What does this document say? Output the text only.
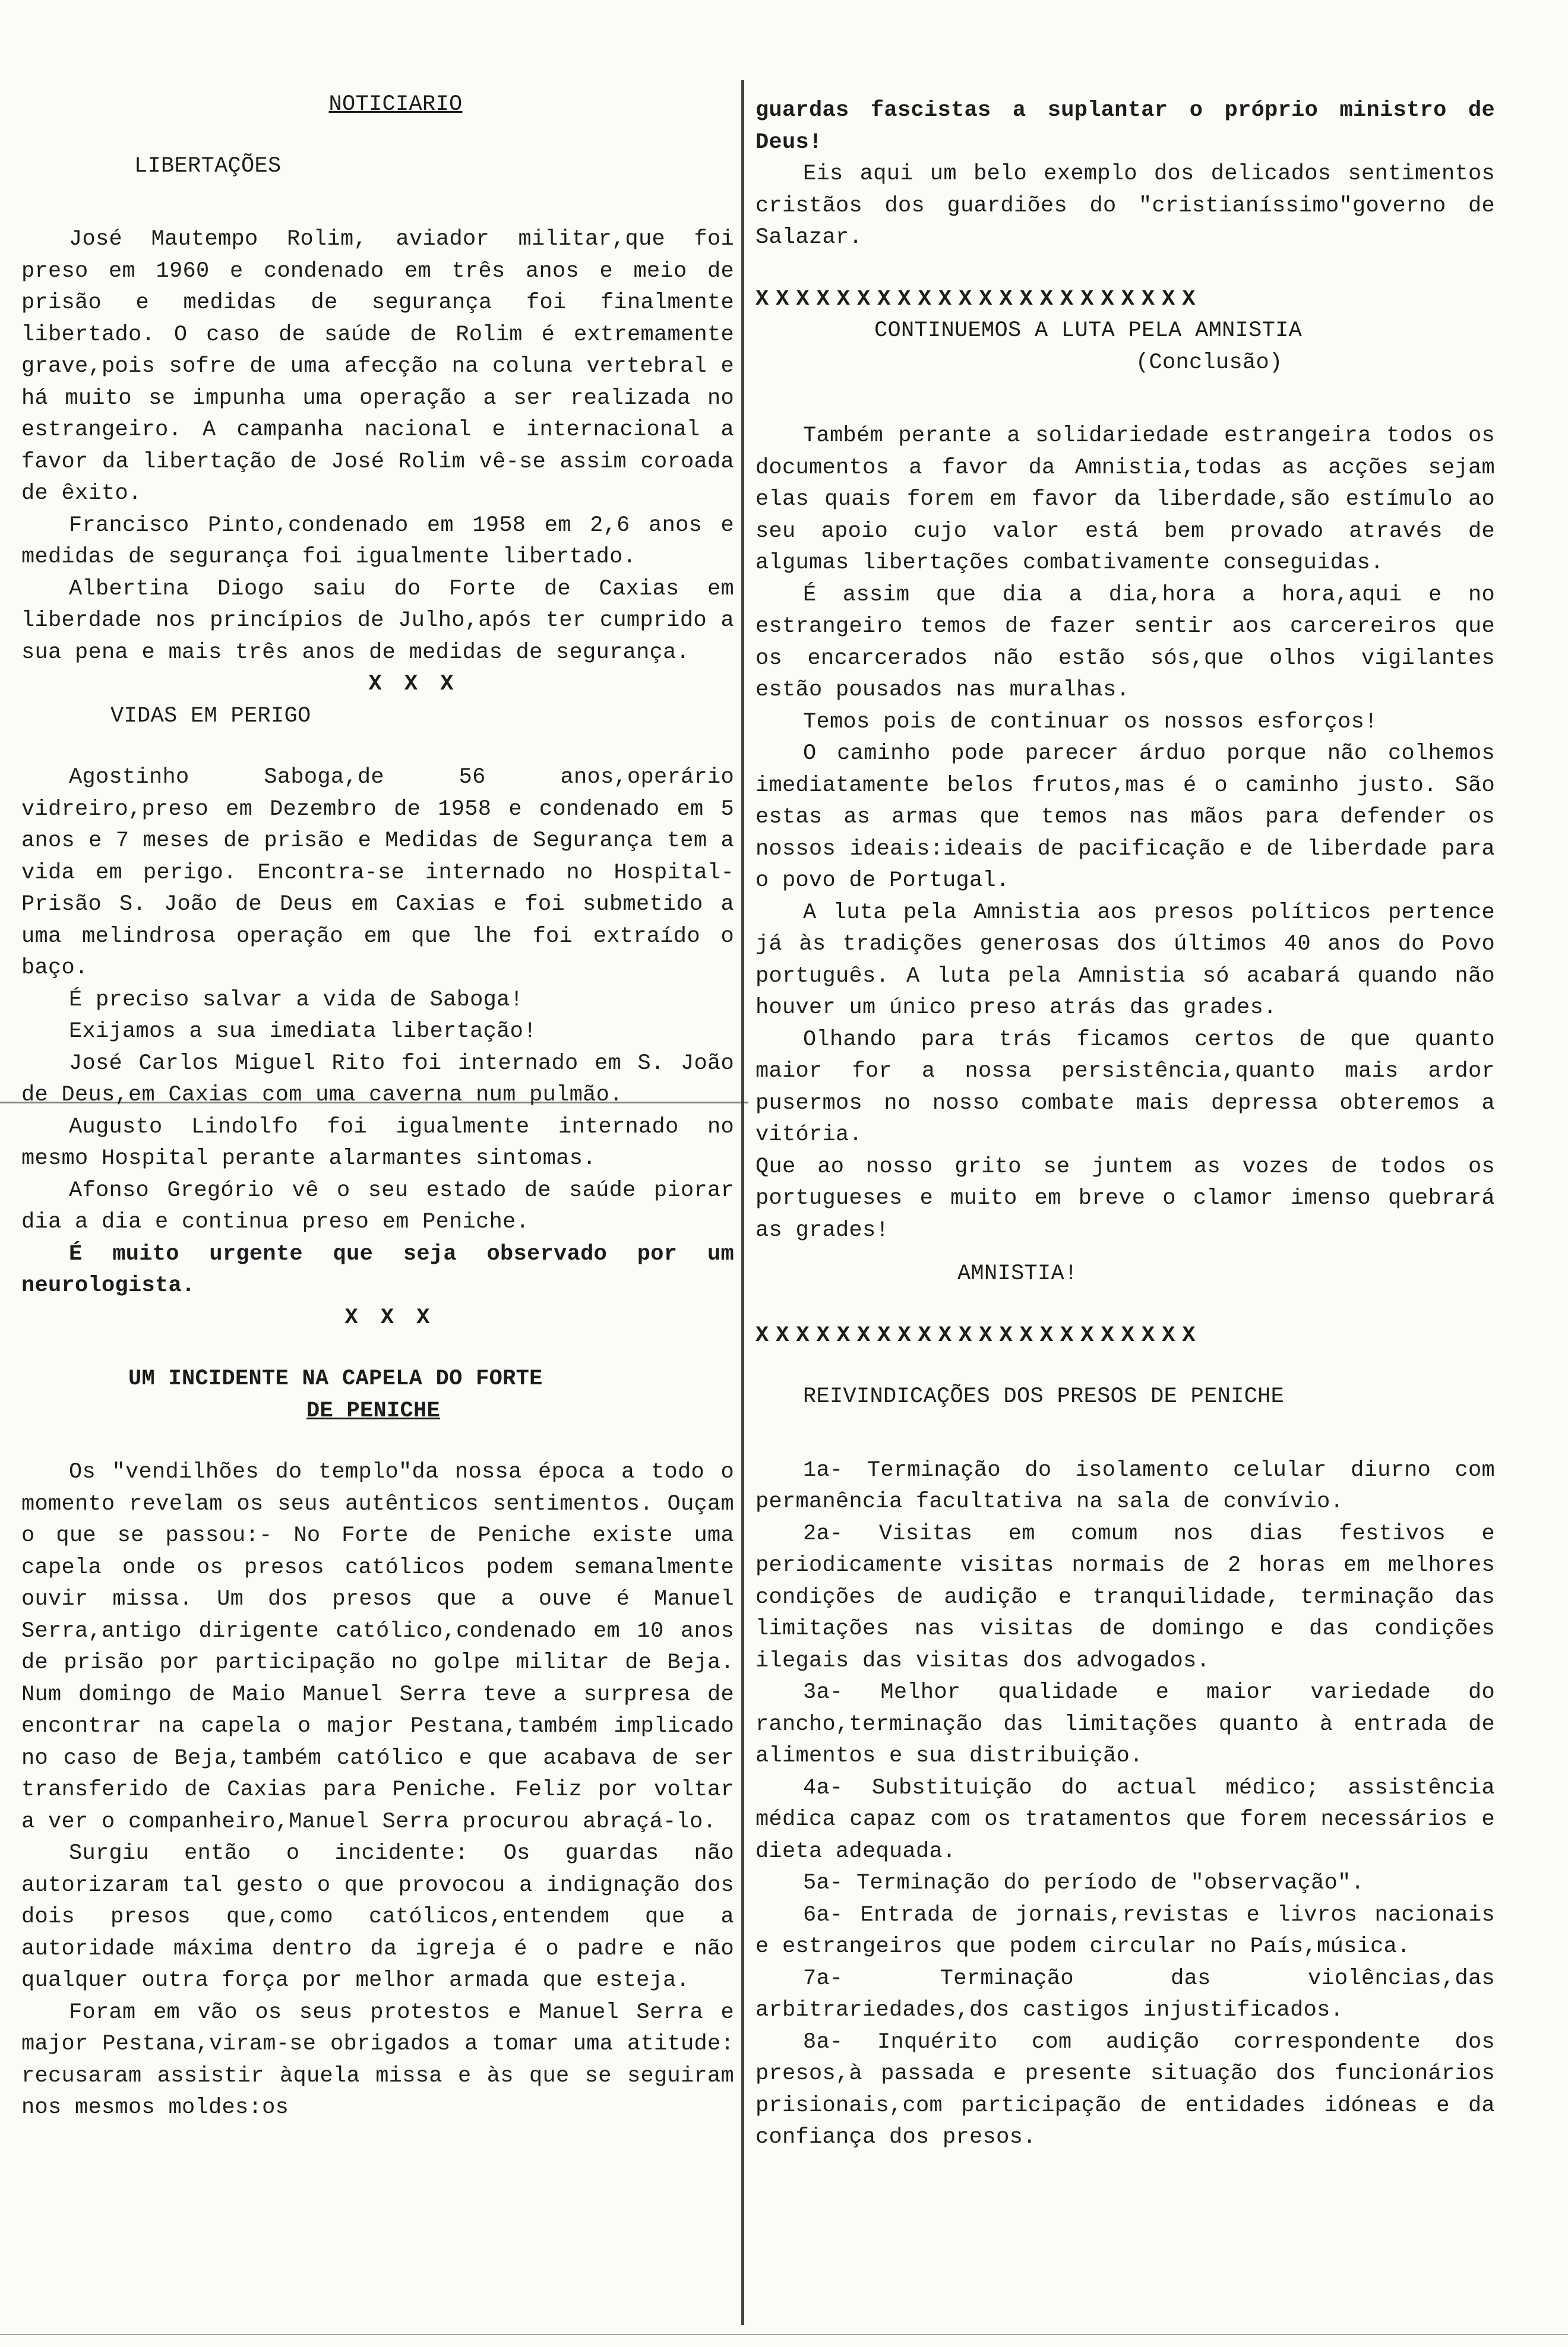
NOTICIARIO

LIBERTAÇÕES

José Mautempo Rolim, aviador militar,que foi preso em 1960 e condenado em três anos e meio de prisão e medidas de segurança foi finalmente libertado. O caso de saúde de Rolim é extremamente grave,pois sofre de uma afecção na coluna vertebral e há muito se impunha uma operação a ser realizada no estrangeiro. A campanha nacional e internacional a favor da libertação de José Rolim vê-se assim coroada de êxito.

Francisco Pinto,condenado em 1958 em 2,6 anos e medidas de segurança foi igualmente libertado.

Albertina Diogo saiu do Forte de Caxias em liberdade nos princípios de Julho,após ter cumprido a sua pena e mais três anos de medidas de segurança.

X X X

VIDAS EM PERIGO

Agostinho Saboga,de 56 anos,operário vidreiro,preso em Dezembro de 1958 e condenado em 5 anos e 7 meses de prisão e Medidas de Segurança tem a vida em perigo. Encontra-se internado no Hospital-Prisão S. João de Deus em Caxias e foi submetido a uma melindrosa operação em que lhe foi extraído o baço.

É preciso salvar a vida de Saboga!

Exijamos a sua imediata libertação!

José Carlos Miguel Rito foi internado em S. João de Deus,em Caxias com uma caverna num pulmão.

Augusto Lindolfo foi igualmente internado no mesmo Hospital perante alarmantes sintomas.

Afonso Gregório vê o seu estado de saúde piorar dia a dia e continua preso em Peniche.

É muito urgente que seja observado por um neurologista.

X X X

UM INCIDENTE NA CAPELA DO FORTE

DE PENICHE

Os "vendilhões do templo"da nossa época a todo o momento revelam os seus autênticos sentimentos. Ouçam o que se passou:- No Forte de Peniche existe uma capela onde os presos católicos podem semanalmente ouvir missa. Um dos presos que a ouve é Manuel Serra,antigo dirigente católico,condenado em 10 anos de prisão por participação no golpe militar de Beja. Num domingo de Maio Manuel Serra teve a surpresa de encontrar na capela o major Pestana,também implicado no caso de Beja,também católico e que acabava de ser transferido de Caxias para Peniche. Feliz por voltar a ver o companheiro,Manuel Serra procurou abraçá-lo.

Surgiu então o incidente: Os guardas não autorizaram tal gesto o que provocou a indignação dos dois presos que,como católicos,entendem que a autoridade máxima dentro da igreja é o padre e não qualquer outra força por melhor armada que esteja.

Foram em vão os seus protestos e Manuel Serra e major Pestana,viram-se obrigados a tomar uma atitude: recusaram assistir àquela missa e às que se seguiram nos mesmos moldes:os

guardas fascistas a suplantar o próprio ministro de Deus!

Eis aqui um belo exemplo dos delicados sentimentos cristãos dos guardiões do "cristianíssimo"governo de Salazar.

XXXXXXXXXXXXXXXXXXXXXX

CONTINUEMOS A LUTA PELA AMNISTIA

(Conclusão)

Também perante a solidariedade estrangeira todos os documentos a favor da Amnistia,todas as acções sejam elas quais forem em favor da liberdade,são estímulo ao seu apoio cujo valor está bem provado através de algumas libertações combativamente conseguidas.

É assim que dia a dia,hora a hora,aqui e no estrangeiro temos de fazer sentir aos carcereiros que os encarcerados não estão sós,que olhos vigilantes estão pousados nas muralhas.

Temos pois de continuar os nossos esforços!

O caminho pode parecer árduo porque não colhemos imediatamente belos frutos,mas é o caminho justo. São estas as armas que temos nas mãos para defender os nossos ideais:ideais de pacificação e de liberdade para o povo de Portugal.

A luta pela Amnistia aos presos políticos pertence já às tradições generosas dos últimos 40 anos do Povo português. A luta pela Amnistia só acabará quando não houver um único preso atrás das grades.

Olhando para trás ficamos certos de que quanto maior for a nossa persistência,quanto mais ardor pusermos no nosso combate mais depressa obteremos a vitória.

Que ao nosso grito se juntem as vozes de todos os portugueses e muito em breve o clamor imenso quebrará as grades!

AMNISTIA!

XXXXXXXXXXXXXXXXXXXXXX

REIVINDICAÇÕES DOS PRESOS DE PENICHE

1a- Terminação do isolamento celular diurno com permanência facultativa na sala de convívio.

2a- Visitas em comum nos dias festivos e periodicamente visitas normais de 2 horas em melhores condições de audição e tranquilidade, terminação das limitações nas visitas de domingo e das condições ilegais das visitas dos advogados.

3a- Melhor qualidade e maior variedade do rancho,terminação das limitações quanto à entrada de alimentos e sua distribuição.

4a- Substituição do actual médico; assistência médica capaz com os tratamentos que forem necessários e dieta adequada.

5a- Terminação do período de "observação".

6a- Entrada de jornais,revistas e livros nacionais e estrangeiros que podem circular no País,música.

7a- Terminação das violências,das arbitrariedades,dos castigos injustificados.

8a- Inquérito com audição correspondente dos presos,à passada e presente situação dos funcionários prisionais,com participação de entidades idóneas e da confiança dos presos.
